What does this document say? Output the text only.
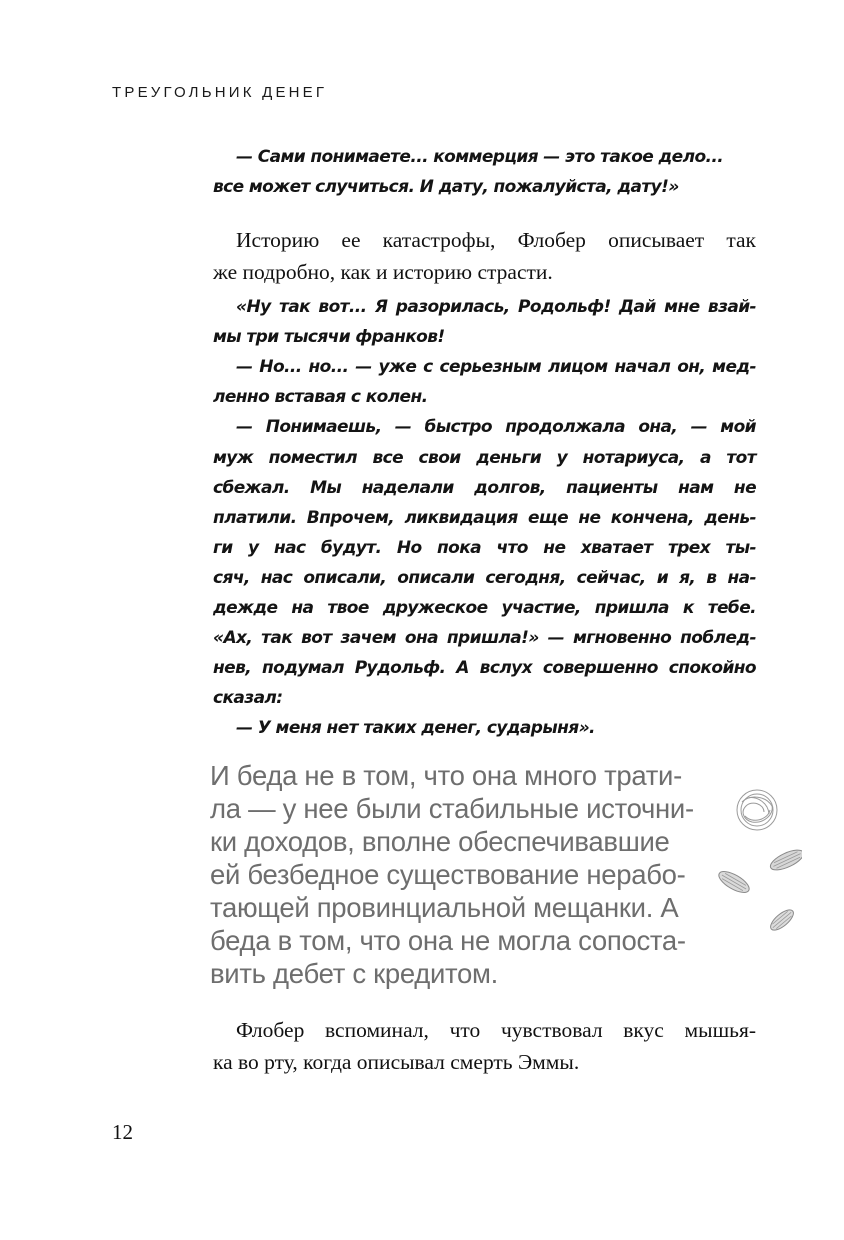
ТРЕУГОЛЬНИК ДЕНЕГ
— Сами понимаете... коммерция — это такое дело...
все может случиться. И дату, пожалуйста, дату!»
Историю ее катастрофы, Флобер описывает так
же подробно, как и историю страсти.
«Ну так вот... Я разорилась, Родольф! Дай мне взай-
мы три тысячи франков!
— Но... но... — уже с серьезным лицом начал он, мед-
ленно вставая с колен.
— Понимаешь, — быстро продолжала она, — мой
муж поместил все свои деньги у нотариуса, а тот
сбежал. Мы наделали долгов, пациенты нам не
платили. Впрочем, ликвидация еще не кончена, день-
ги у нас будут. Но пока что не хватает трех ты-
сяч, нас описали, описали сегодня, сейчас, и я, в на-
дежде на твое дружеское участие, пришла к тебе.
«Ах, так вот зачем она пришла!» — мгновенно поблед-
нев, подумал Рудольф. А вслух совершенно спокойно
сказал:
— У меня нет таких денег, сударыня».
И беда не в том, что она много трати-
ла — у нее были стабильные источни-
ки доходов, вполне обеспечивавшие
ей безбедное существование нерабо-
тающей провинциальной мещанки. А
беда в том, что она не могла сопоста-
вить дебет с кредитом.
Флобер вспоминал, что чувствовал вкус мышья-
ка во рту, когда описывал смерть Эммы.
12
